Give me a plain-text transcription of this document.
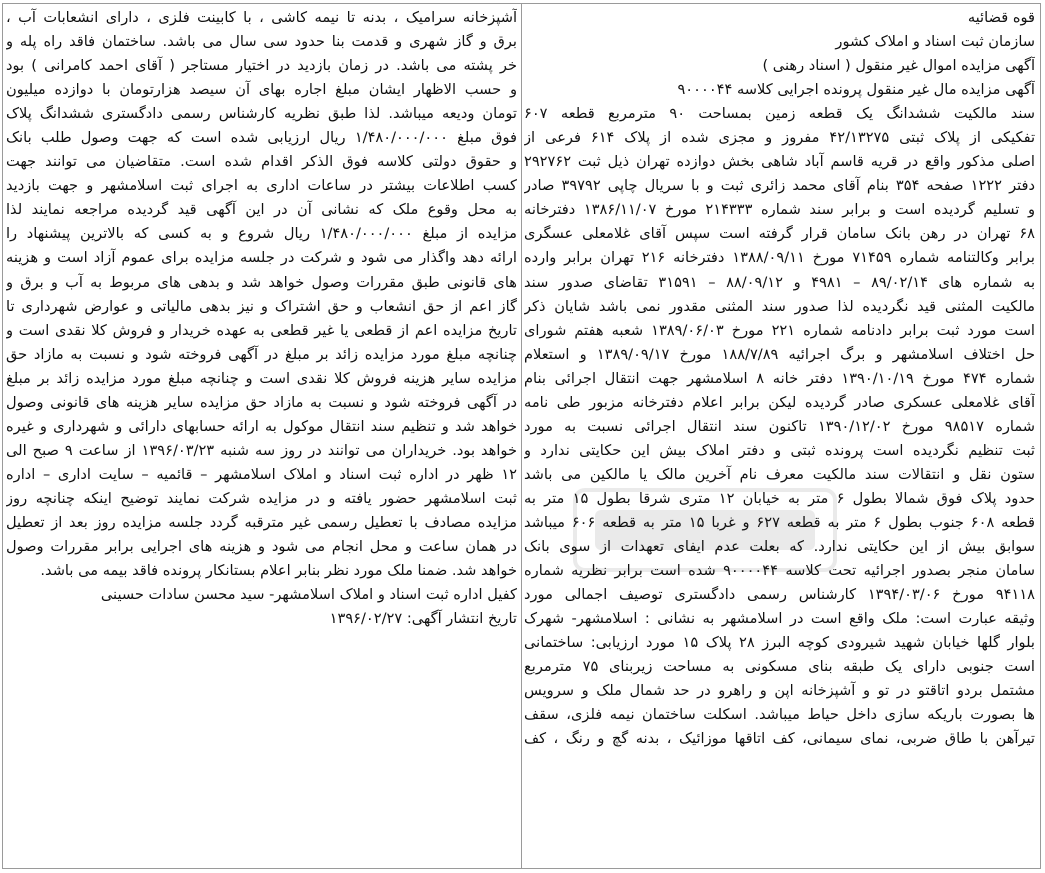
قوه قضائیه
سازمان ثبت اسناد و املاک کشور
آگهی مزایده اموال غیر منقول ( اسناد رهنی )
آگهی مزایده مال غیر منقول پرونده اجرایی کلاسه ۹۰۰۰۰۴۴
سند مالکیت ششدانگ یک قطعه زمین بمساحت ۹۰ مترمربع قطعه ۶۰۷
تفکیکی از پلاک ثبتی ۴۲/۱۳۲۷۵ مفروز و مجزی شده از پلاک ۶۱۴ فرعی از
اصلی مذکور واقع در قریه قاسم آباد شاهی بخش دوازده تهران ذیل ثبت ۲۹۲۷۶۲
دفتر ۱۲۲۲ صفحه ۳۵۴ بنام آقای محمد زائری ثبت و با سریال چاپی ۳۹۷۹۲ صادر
و تسلیم گردیده است و برابر سند شماره ۲۱۴۳۳۳ مورخ ۱۳۸۶/۱۱/۰۷ دفترخانه
۶۸ تهران در رهن بانک سامان قرار گرفته است سپس آقای غلامعلی عسگری
برابر وکالتنامه شماره ۷۱۴۵۹ مورخ ۱۳۸۸/۰۹/۱۱ دفترخانه ۲۱۶ تهران برابر وارده
به شماره های ۸۹/۰۲/۱۴ – ۴۹۸۱ و ۸۸/۰۹/۱۲ – ۳۱۵۹۱ تقاضای صدور سند
مالکیت المثنی قید نگردیده لذا صدور سند المثنی مقدور نمی باشد شایان ذکر
است مورد ثبت برابر دادنامه شماره ۲۲۱ مورخ ۱۳۸۹/۰۶/۰۳ شعبه هفتم شورای
حل اختلاف اسلامشهر و برگ اجرائیه ۱۸۸/۷/۸۹ مورخ ۱۳۸۹/۰۹/۱۷ و استعلام
شماره ۴۷۴ مورخ ۱۳۹۰/۱۰/۱۹ دفتر خانه ۸ اسلامشهر جهت انتقال اجرائی بنام
آقای غلامعلی عسکری صادر گردیده لیکن برابر اعلام دفترخانه مزبور طی نامه
شماره ۹۸۵۱۷ مورخ ۱۳۹۰/۱۲/۰۲ تاکنون سند انتقال اجرائی نسبت به مورد
ثبت تنظیم نگردیده است پرونده ثبتی و دفتر املاک بیش این حکایتی ندارد و
ستون نقل و انتقالات سند مالکیت معرف نام آخرین مالک یا مالکین می باشد
حدود پلاک فوق شمالا بطول ۶ متر به خیابان ۱۲ متری شرقا بطول ۱۵ متر به
قطعه ۶۰۸ جنوب بطول ۶ متر به قطعه ۶۲۷ و غربا ۱۵ متر به قطعه ۶۰۶ میباشد
سوابق بیش از این حکایتی ندارد. که بعلت عدم ایفای تعهدات از سوی بانک
سامان منجر بصدور اجرائیه تحت کلاسه ۹۰۰۰۰۴۴ شده است برابر نظریه شماره
۹۴۱۱۸ مورخ ۱۳۹۴/۰۳/۰۶ کارشناس رسمی دادگستری توصیف اجمالی مورد
وثیقه عبارت است: ملک واقع است در اسلامشهر به نشانی : اسلامشهر- شهرک
بلوار گلها خیابان شهید شیرودی کوچه البرز ۲۸ پلاک ۱۵ مورد ارزیابی: ساختمانی
است جنوبی دارای یک طبقه بنای مسکونی به مساحت زیربنای ۷۵ مترمربع
مشتمل بردو اتاقتو در تو و آشپزخانه اپن و راهرو در حد شمال ملک و سرویس
ها بصورت باریکه سازی داخل حیاط میباشد. اسکلت ساختمان نیمه فلزی، سقف
تیرآهن با طاق ضربی، نمای سیمانی، کف اتاقها موزائیک ، بدنه گچ و رنگ ، کف
آشپزخانه سرامیک ، بدنه تا نیمه کاشی ، با کابینت فلزی ، دارای انشعابات آب ،
برق و گاز شهری و قدمت بنا حدود سی سال می باشد. ساختمان فاقد راه پله و
خر پشته می باشد. در زمان بازدید در اختیار مستاجر ( آقای احمد کامرانی ) بود
و حسب الاظهار ایشان مبلغ اجاره بهای آن سیصد هزارتومان با دوازده میلیون
تومان ودیعه میباشد. لذا طبق نظریه کارشناس رسمی دادگستری ششدانگ پلاک
فوق مبلغ ۱/۴۸۰/۰۰۰/۰۰۰ ریال ارزیابی شده است که جهت وصول طلب بانک
و حقوق دولتی کلاسه فوق الذکر اقدام شده است. متقاضیان می توانند جهت
کسب اطلاعات بیشتر در ساعات اداری به اجرای ثبت اسلامشهر و جهت بازدید
به محل وقوع ملک که نشانی آن در این آگهی قید گردیده مراجعه نمایند لذا
مزایده از مبلغ ۱/۴۸۰/۰۰۰/۰۰۰ ریال شروع و به کسی که بالاترین پیشنهاد را
ارائه دهد واگذار می شود و شرکت در جلسه مزایده برای عموم آزاد است و هزینه
های قانونی طبق مقررات وصول خواهد شد و بدهی های مربوط به آب و برق و
گاز اعم از حق انشعاب و حق اشتراک و نیز بدهی مالیاتی و عوارض شهرداری تا
تاریخ مزایده اعم از قطعی یا غیر قطعی به عهده خریدار و فروش کلا نقدی است و
چنانچه مبلغ مورد مزایده زائد بر مبلغ در آگهی فروخته شود و نسبت به مازاد حق
مزایده سایر هزینه فروش کلا نقدی است و چنانچه مبلغ مورد مزایده زائد بر مبلغ
در آگهی فروخته شود و نسبت به مازاد حق مزایده سایر هزینه های قانونی وصول
خواهد شد و تنظیم سند انتقال موکول به ارائه حسابهای دارائی و شهرداری و غیره
خواهد بود. خریداران می توانند در روز سه شنبه ۱۳۹۶/۰۳/۲۳ از ساعت ۹ صبح الی
۱۲ ظهر در اداره ثبت اسناد و املاک اسلامشهر – قائمیه – سایت اداری – اداره
ثبت اسلامشهر حضور یافته و در مزایده شرکت نمایند توضیح اینکه چنانچه روز
مزایده مصادف با تعطیل رسمی غیر مترقبه گردد جلسه مزایده روز بعد از تعطیل
در همان ساعت و محل انجام می شود و هزینه های اجرایی برابر مقررات وصول
خواهد شد. ضمنا ملک مورد نظر بنابر اعلام بستانکار پرونده فاقد بیمه می باشد.
کفیل اداره ثبت اسناد و املاک اسلامشهر- سید محسن سادات حسینی
تاریخ انتشار آگهی: ۱۳۹۶/۰۲/۲۷
